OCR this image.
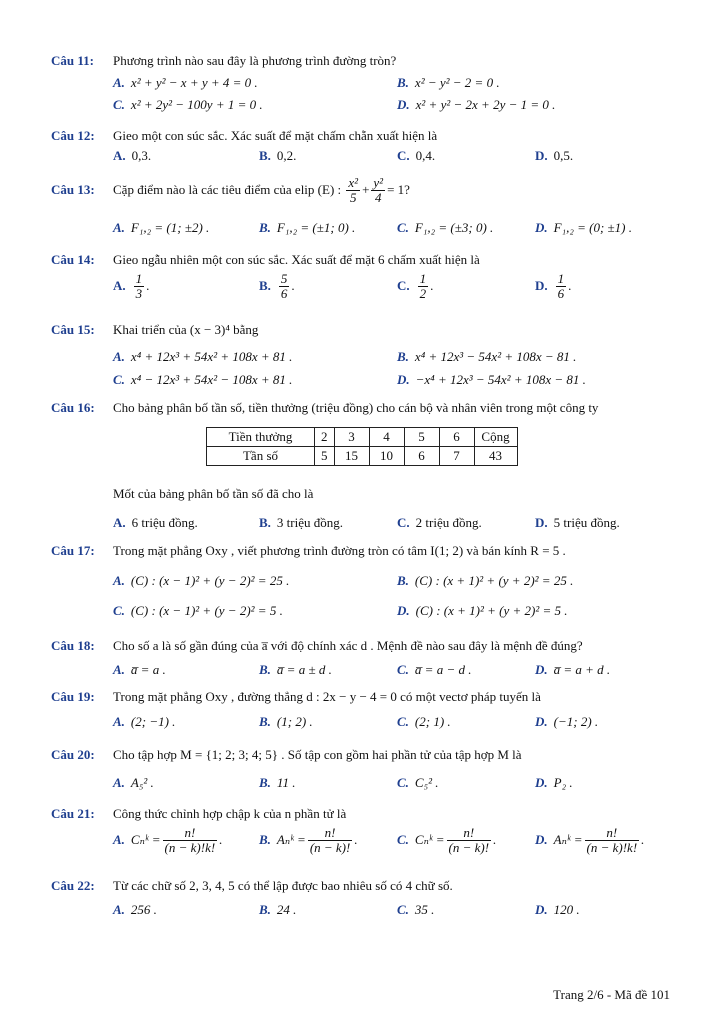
Câu 11: Phương trình nào sau đây là phương trình đường tròn?
A. x² + y² − x + y + 4 = 0 .	B. x² − y² − 2 = 0 .
C. x² + 2y² − 100y + 1 = 0 .	D. x² + y² − 2x + 2y − 1 = 0 .
Câu 12: Gieo một con súc sắc. Xác suất để mặt chấm chẵn xuất hiện là
A. 0,3.	B. 0,2.	C. 0,4.	D. 0,5.
Câu 13: Cặp điểm nào là các tiêu điểm của elip (E) : $\frac{\text{x²}}{5} + \frac{\text{y²}}{4} = 1$?
A. F₁,₂ = (1; ±2) .	B. F₁,₂ = (±1; 0) .	C. F₁,₂ = (±3; 0) .	D. F₁,₂ = (0; ±1) .
Câu 14: Gieo ngẫu nhiên một con súc sắc. Xác suất để mặt 6 chấm xuất hiện là
A. $\frac{1}{3}$ .	B. $\frac{5}{6}$ .	C. $\frac{1}{2}$ .	D. $\frac{1}{6}$ .
Câu 15: Khai triển của (x − 3)⁴ bằng
A. x⁴ + 12x³ + 54x² + 108x + 81 .	B. x⁴ + 12x³ − 54x² + 108x − 81 .
C. x⁴ − 12x³ + 54x² − 108x + 81 .	D. −x⁴ + 12x³ − 54x² + 108x − 81 .
Câu 16: Cho bảng phân bố tần số, tiền thưởng (triệu đồng) cho cán bộ và nhân viên trong một công ty
Tiền thưởng	2	3	4	5	6	Cộng
Tần số	5	15	10	6	7	43
Mốt của bảng phân bố tần số đã cho là
A. 6 triệu đồng.	B. 3 triệu đồng.	C. 2 triệu đồng.	D. 5 triệu đồng.
Câu 17: Trong mặt phẳng Oxy , viết phương trình đường tròn có tâm I(1; 2) và bán kính R = 5 .
A. (C) : (x − 1)² + (y − 2)² = 25 .	B. (C) : (x + 1)² + (y + 2)² = 25 .
C. (C) : (x − 1)² + (y − 2)² = 5 .	D. (C) : (x + 1)² + (y + 2)² = 5 .
Câu 18: Cho số a là số gần đúng của a̅ với độ chính xác d . Mệnh đề nào sau đây là mệnh đề đúng?
A. a̅ = a .	B. a̅ = a ± d .	C. a̅ = a − d .	D. a̅ = a + d .
Câu 19: Trong mặt phẳng Oxy , đường thẳng d : 2x − y − 4 = 0 có một vectơ pháp tuyến là
A. (2; −1) .	B. (1; 2) .	C. (2; 1) .	D. (−1; 2) .
Câu 20: Cho tập hợp M = {1; 2; 3; 4; 5} . Số tập con gồm hai phần tử của tập hợp M là
A. A₅² .	B. 11 .	C. C₅² .	D. P₂ .
Câu 21: Công thức chỉnh hợp chập k của n phần tử là
A. Cₙᵏ = $\frac{n!}{(n - k)!k!}$ .	B. Aₙᵏ = $\frac{n!}{(n - k)!}$ .	C. Cₙᵏ = $\frac{n!}{(n - k)!}$ .	D. Aₙᵏ = $\frac{n!}{(n - k)!k!}$ .
Câu 22: Từ các chữ số 2, 3, 4, 5 có thể lập được bao nhiêu số có 4 chữ số.
A. 256 .	B. 24 .	C. 35 .	D. 120 .
Trang 2/6 - Mã đề 101
